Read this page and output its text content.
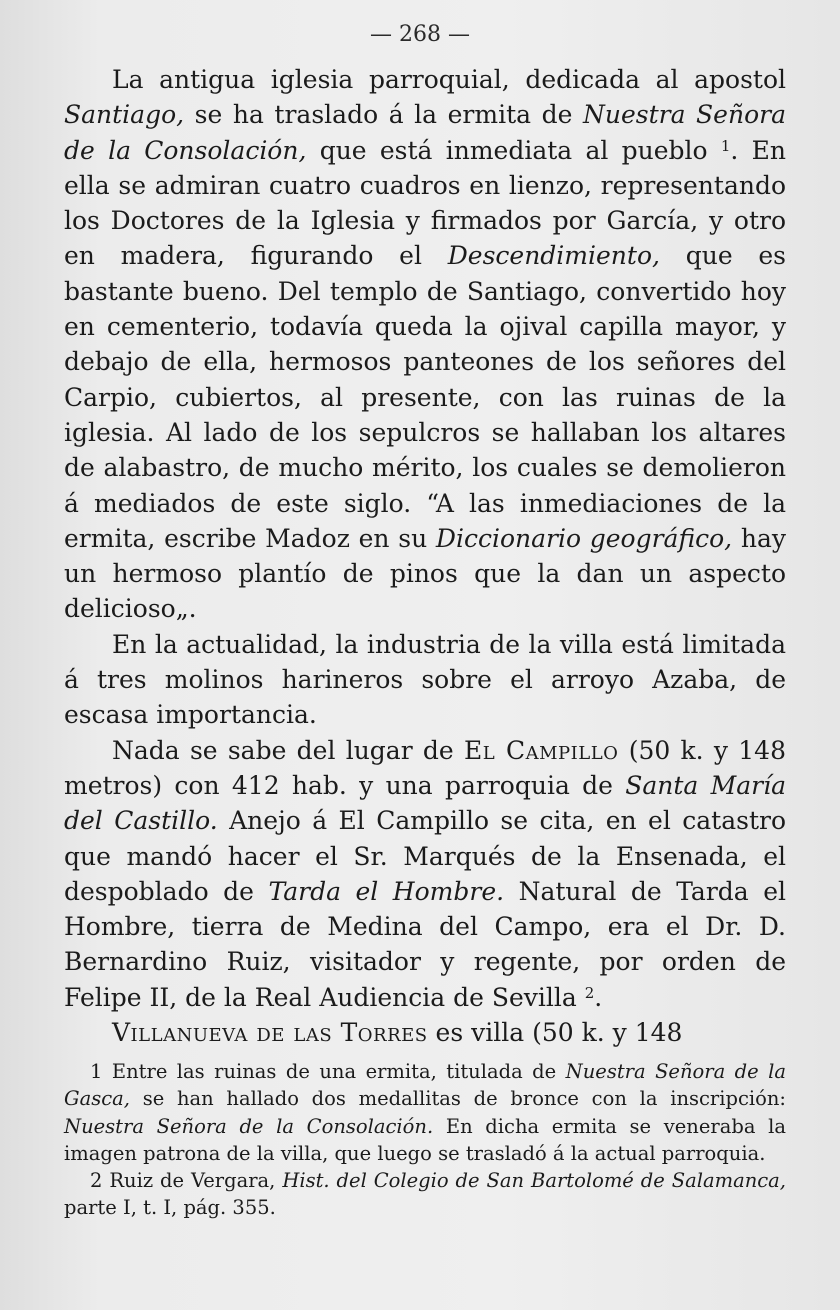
— 268 —

La antigua iglesia parroquial, dedicada al apostol Santiago, se ha traslado á la ermita de Nuestra Señora de la Consolación, que está inmediata al pueblo $^1$. En ella se admiran cuatro cuadros en lienzo, representando los Doctores de la Iglesia y firmados por García, y otro en madera, figurando el Descendimiento, que es bastante bueno. Del templo de Santiago, convertido hoy en cementerio, todavía queda la ojival capilla mayor, y debajo de ella, hermosos panteones de los señores del Carpio, cubiertos, al presente, con las ruinas de la iglesia. Al lado de los sepulcros se hallaban los altares de alabastro, de mucho mérito, los cuales se demolieron á mediados de este siglo. “A las inmediaciones de la ermita, escribe Madoz en su Diccionario geográfico, hay un hermoso plantío de pinos que la dan un aspecto delicioso„.

En la actualidad, la industria de la villa está limitada á tres molinos harineros sobre el arroyo Azaba, de escasa importancia.

Nada se sabe del lugar de El Campillo (50 k. y 148 metros) con 412 hab. y una parroquia de Santa María del Castillo. Anejo á El Campillo se cita, en el catastro que mandó hacer el Sr. Marqués de la Ensenada, el despoblado de Tarda el Hombre. Natural de Tarda el Hombre, tierra de Medina del Campo, era el Dr. D. Bernardino Ruiz, visitador y regente, por orden de Felipe II, de la Real Audiencia de Sevilla $^2$.

Villanueva de las Torres es villa (50 k. y 148

1 Entre las ruinas de una ermita, titulada de Nuestra Señora de la Gasca, se han hallado dos medallitas de bronce con la inscripción: Nuestra Señora de la Consolación. En dicha ermita se veneraba la imagen patrona de la villa, que luego se trasladó á la actual parroquia.

2 Ruiz de Vergara, Hist. del Colegio de San Bartolomé de Salamanca, parte I, t. I, pág. 355.
